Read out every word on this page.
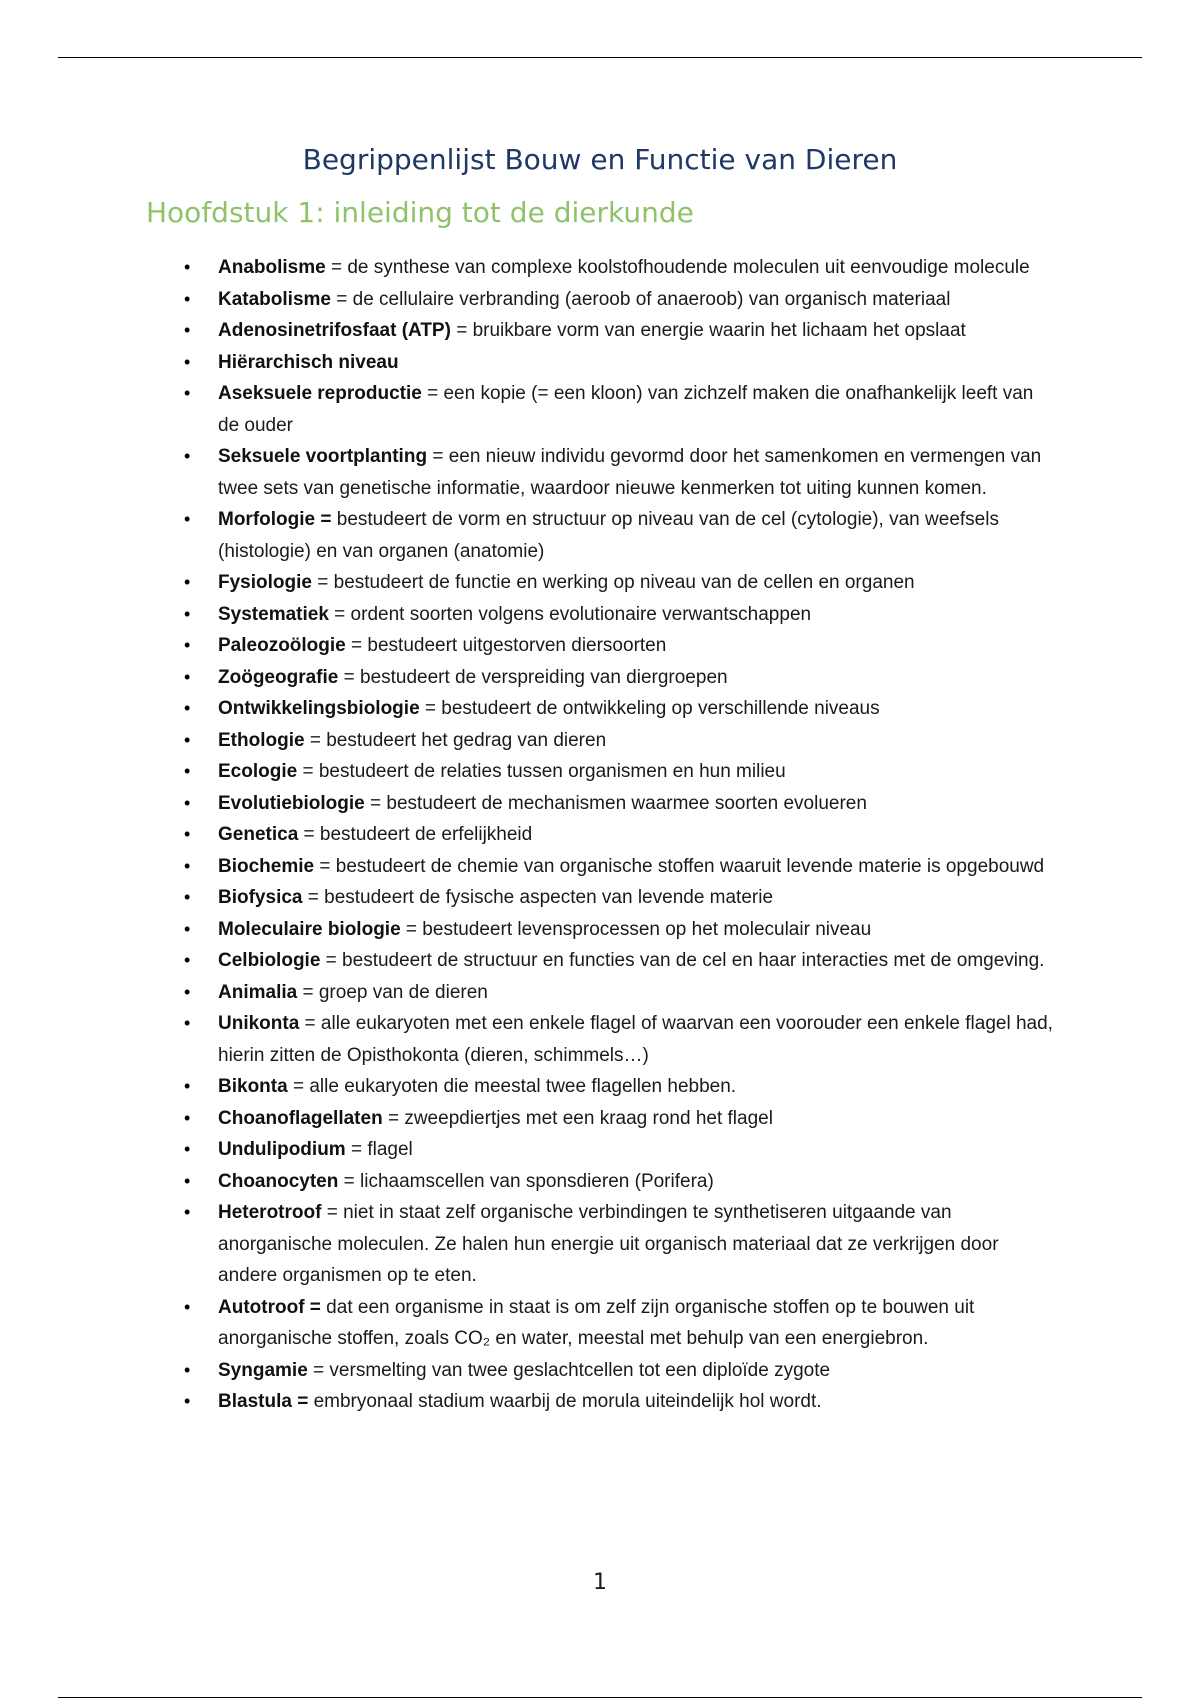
Begrippenlijst Bouw en Functie van Dieren
Hoofdstuk 1: inleiding tot de dierkunde
• Anabolisme = de synthese van complexe koolstofhoudende moleculen uit eenvoudige molecule
• Katabolisme = de cellulaire verbranding (aeroob of anaeroob) van organisch materiaal
• Adenosinetrifosfaat (ATP) = bruikbare vorm van energie waarin het lichaam het opslaat
• Hiërarchisch niveau
• Aseksuele reproductie = een kopie (= een kloon) van zichzelf maken die onafhankelijk leeft van de ouder
• Seksuele voortplanting = een nieuw individu gevormd door het samenkomen en vermengen van twee sets van genetische informatie, waardoor nieuwe kenmerken tot uiting kunnen komen.
• Morfologie = bestudeert de vorm en structuur op niveau van de cel (cytologie), van weefsels (histologie) en van organen (anatomie)
• Fysiologie = bestudeert de functie en werking op niveau van de cellen en organen
• Systematiek = ordent soorten volgens evolutionaire verwantschappen
• Paleozoölogie = bestudeert uitgestorven diersoorten
• Zoögeografie = bestudeert de verspreiding van diergroepen
• Ontwikkelingsbiologie = bestudeert de ontwikkeling op verschillende niveaus
• Ethologie = bestudeert het gedrag van dieren
• Ecologie = bestudeert de relaties tussen organismen en hun milieu
• Evolutiebiologie = bestudeert de mechanismen waarmee soorten evolueren
• Genetica = bestudeert de erfelijkheid
• Biochemie = bestudeert de chemie van organische stoffen waaruit levende materie is opgebouwd
• Biofysica = bestudeert de fysische aspecten van levende materie
• Moleculaire biologie = bestudeert levensprocessen op het moleculair niveau
• Celbiologie = bestudeert de structuur en functies van de cel en haar interacties met de omgeving.
• Animalia = groep van de dieren
• Unikonta = alle eukaryoten met een enkele flagel of waarvan een voorouder een enkele flagel had, hierin zitten de Opisthokonta (dieren, schimmels…)
• Bikonta = alle eukaryoten die meestal twee flagellen hebben.
• Choanoflagellaten = zweepdiertjes met een kraag rond het flagel
• Undulipodium = flagel
• Choanocyten = lichaamscellen van sponsdieren (Porifera)
• Heterotroof = niet in staat zelf organische verbindingen te synthetiseren uitgaande van anorganische moleculen. Ze halen hun energie uit organisch materiaal dat ze verkrijgen door andere organismen op te eten.
• Autotroof = dat een organisme in staat is om zelf zijn organische stoffen op te bouwen uit anorganische stoffen, zoals CO₂ en water, meestal met behulp van een energiebron.
• Syngamie = versmelting van twee geslachtcellen tot een diploïde zygote
• Blastula = embryonaal stadium waarbij de morula uiteindelijk hol wordt.
1
